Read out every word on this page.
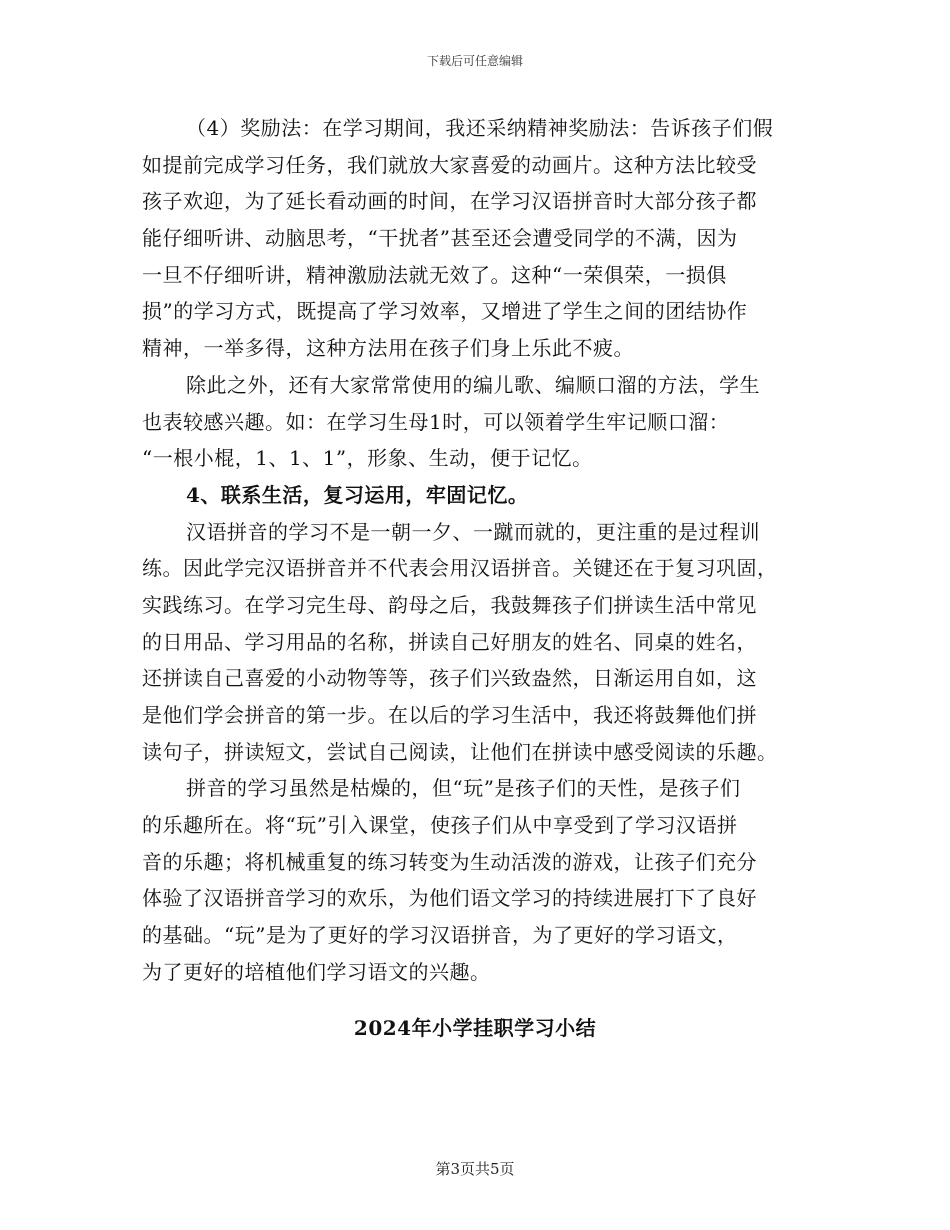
下载后可任意编辑
（4）奖励法：在学习期间，我还采纳精神奖励法：告诉孩子们假
如提前完成学习任务，我们就放大家喜爱的动画片。这种方法比较受
孩子欢迎，为了延长看动画的时间，在学习汉语拼音时大部分孩子都
能仔细听讲、动脑思考，“干扰者”甚至还会遭受同学的不满，因为
一旦不仔细听讲，精神激励法就无效了。这种“一荣俱荣，一损俱
损”的学习方式，既提高了学习效率，又增进了学生之间的团结协作
精神，一举多得，这种方法用在孩子们身上乐此不疲。
除此之外，还有大家常常使用的编儿歌、编顺口溜的方法，学生
也表较感兴趣。如：在学习生母1时，可以领着学生牢记顺口溜：
“一根小棍，1、1、1”，形象、生动，便于记忆。
4、联系生活，复习运用，牢固记忆。
汉语拼音的学习不是一朝一夕、一蹴而就的，更注重的是过程训
练。因此学完汉语拼音并不代表会用汉语拼音。关键还在于复习巩固，
实践练习。在学习完生母、韵母之后，我鼓舞孩子们拼读生活中常见
的日用品、学习用品的名称，拼读自己好朋友的姓名、同桌的姓名，
还拼读自己喜爱的小动物等等，孩子们兴致盎然，日渐运用自如，这
是他们学会拼音的第一步。在以后的学习生活中，我还将鼓舞他们拼
读句子，拼读短文，尝试自己阅读，让他们在拼读中感受阅读的乐趣。
拼音的学习虽然是枯燥的，但“玩”是孩子们的天性，是孩子们
的乐趣所在。将“玩”引入课堂，使孩子们从中享受到了学习汉语拼
音的乐趣；将机械重复的练习转变为生动活泼的游戏，让孩子们充分
体验了汉语拼音学习的欢乐，为他们语文学习的持续进展打下了良好
的基础。“玩”是为了更好的学习汉语拼音，为了更好的学习语文，
为了更好的培植他们学习语文的兴趣。
2024年小学挂职学习小结
第3页共5页
